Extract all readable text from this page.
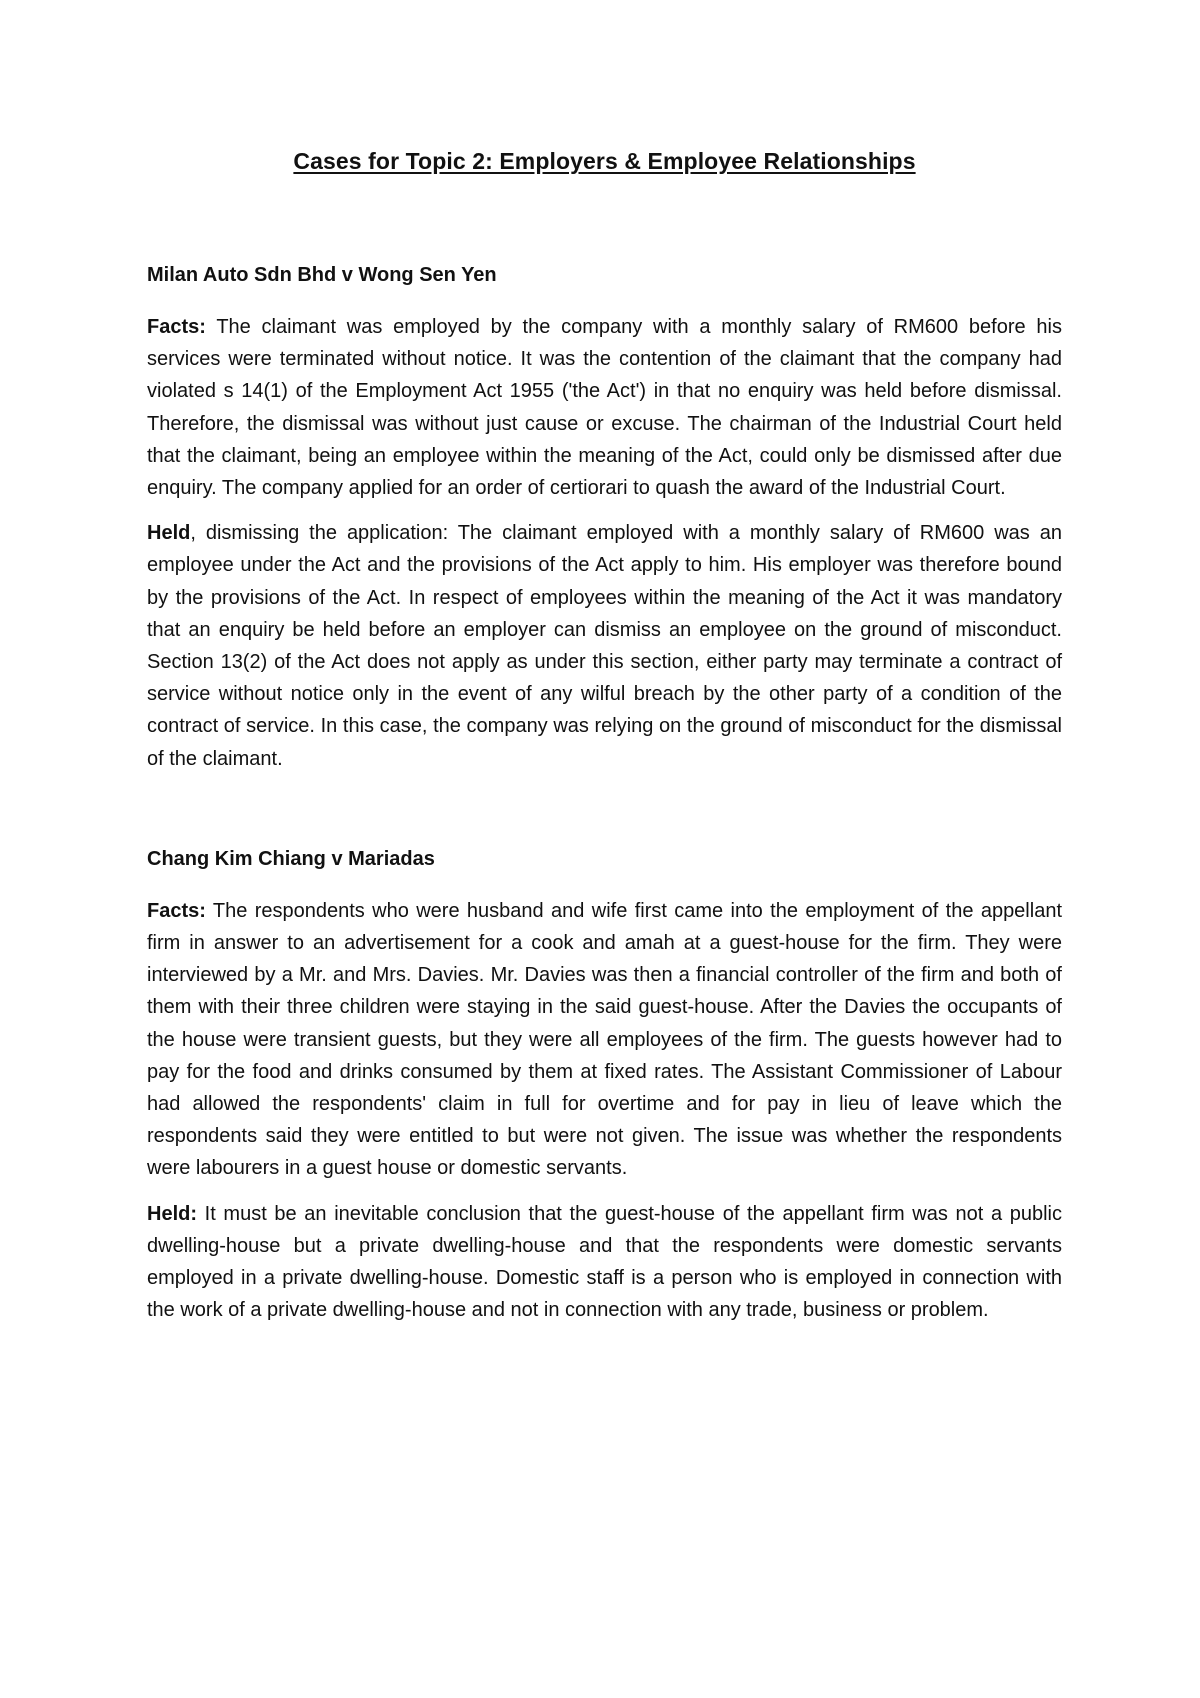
Cases for Topic 2: Employers & Employee Relationships
Milan Auto Sdn Bhd v Wong Sen Yen

Facts: The claimant was employed by the company with a monthly salary of RM600 before his services were terminated without notice. It was the contention of the claimant that the company had violated s 14(1) of the Employment Act 1955 ('the Act') in that no enquiry was held before dismissal. Therefore, the dismissal was without just cause or excuse. The chairman of the Industrial Court held that the claimant, being an employee within the meaning of the Act, could only be dismissed after due enquiry. The company applied for an order of certiorari to quash the award of the Industrial Court.

Held, dismissing the application: The claimant employed with a monthly salary of RM600 was an employee under the Act and the provisions of the Act apply to him. His employer was therefore bound by the provisions of the Act. In respect of employees within the meaning of the Act it was mandatory that an enquiry be held before an employer can dismiss an employee on the ground of misconduct. Section 13(2) of the Act does not apply as under this section, either party may terminate a contract of service without notice only in the event of any wilful breach by the other party of a condition of the contract of service. In this case, the company was relying on the ground of misconduct for the dismissal of the claimant.

Chang Kim Chiang v Mariadas

Facts: The respondents who were husband and wife first came into the employment of the appellant firm in answer to an advertisement for a cook and amah at a guest-house for the firm. They were interviewed by a Mr. and Mrs. Davies. Mr. Davies was then a financial controller of the firm and both of them with their three children were staying in the said guest-house. After the Davies the occupants of the house were transient guests, but they were all employees of the firm. The guests however had to pay for the food and drinks consumed by them at fixed rates. The Assistant Commissioner of Labour had allowed the respondents' claim in full for overtime and for pay in lieu of leave which the respondents said they were entitled to but were not given. The issue was whether the respondents were labourers in a guest house or domestic servants.

Held: It must be an inevitable conclusion that the guest-house of the appellant firm was not a public dwelling-house but a private dwelling-house and that the respondents were domestic servants employed in a private dwelling-house. Domestic staff is a person who is employed in connection with the work of a private dwelling-house and not in connection with any trade, business or problem.
